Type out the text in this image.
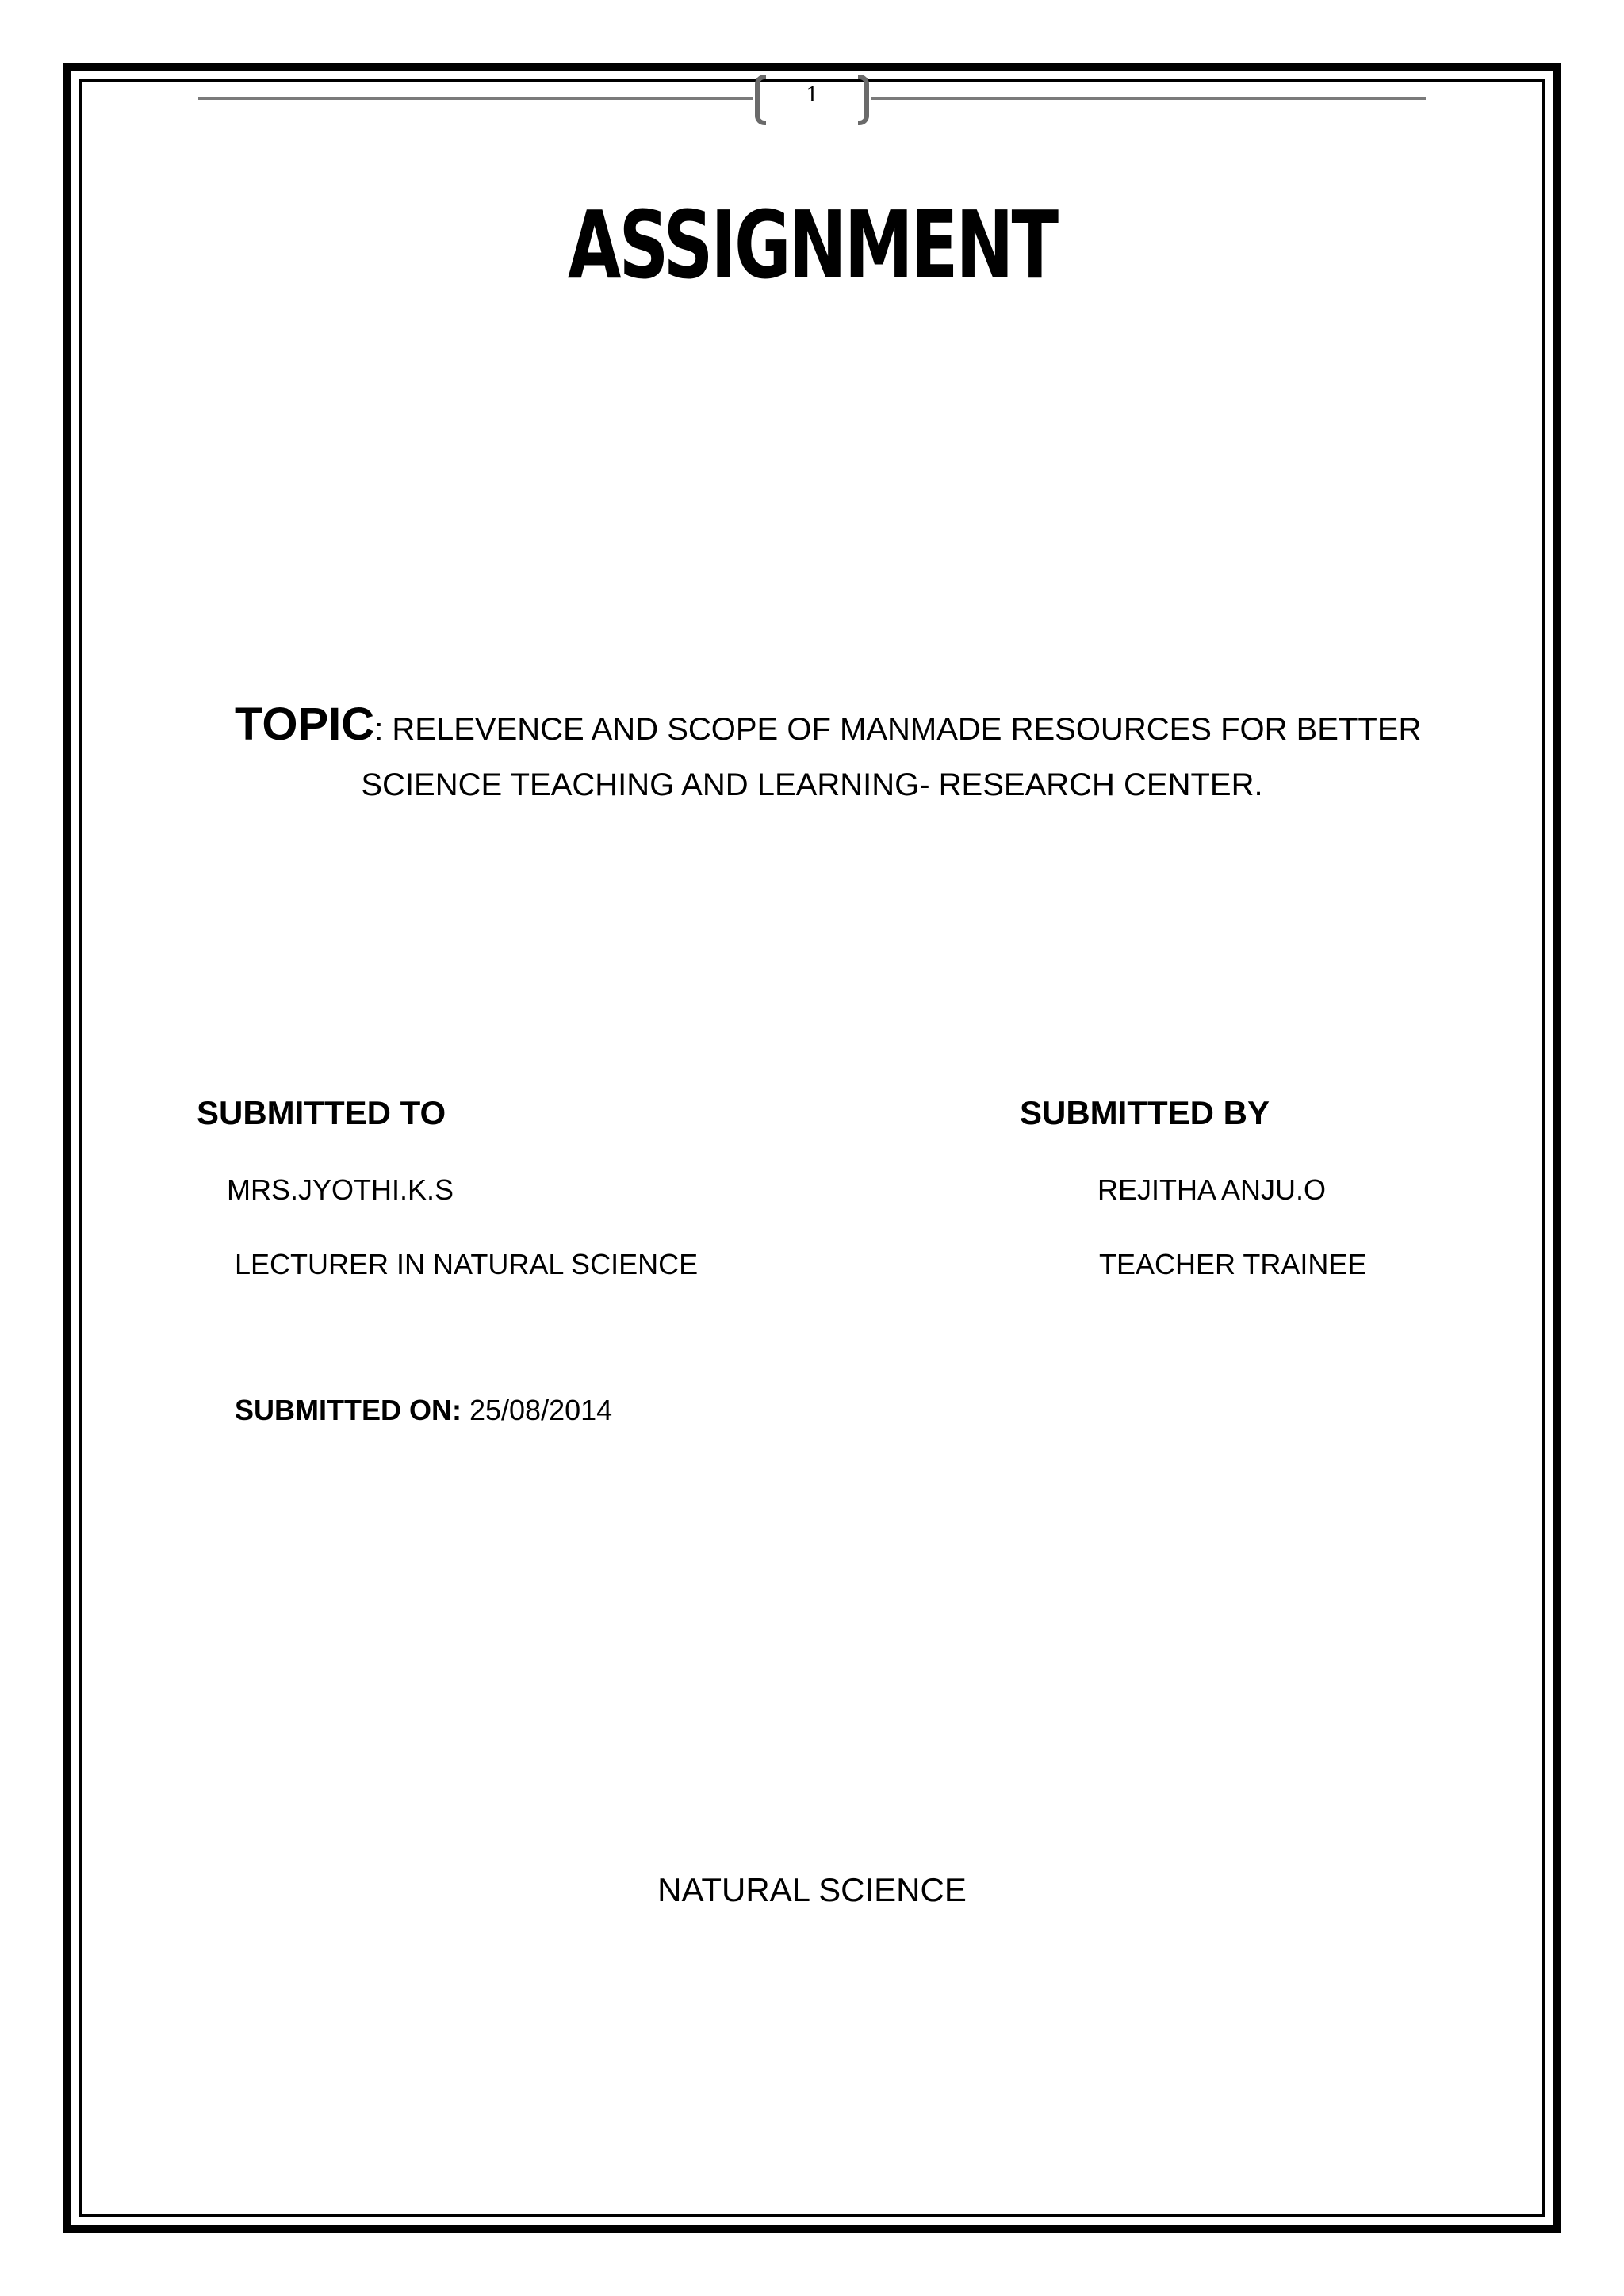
1
ASSIGNMENT
TOPIC: RELEVENCE AND SCOPE OF MANMADE RESOURCES FOR BETTER
SCIENCE TEACHING AND LEARNING- RESEARCH CENTER.
SUBMITTED TO
MRS.JYOTHI.K.S
LECTURER IN NATURAL SCIENCE
SUBMITTED BY
REJITHA ANJU.O
TEACHER TRAINEE
SUBMITTED ON: 25/08/2014
NATURAL SCIENCE
